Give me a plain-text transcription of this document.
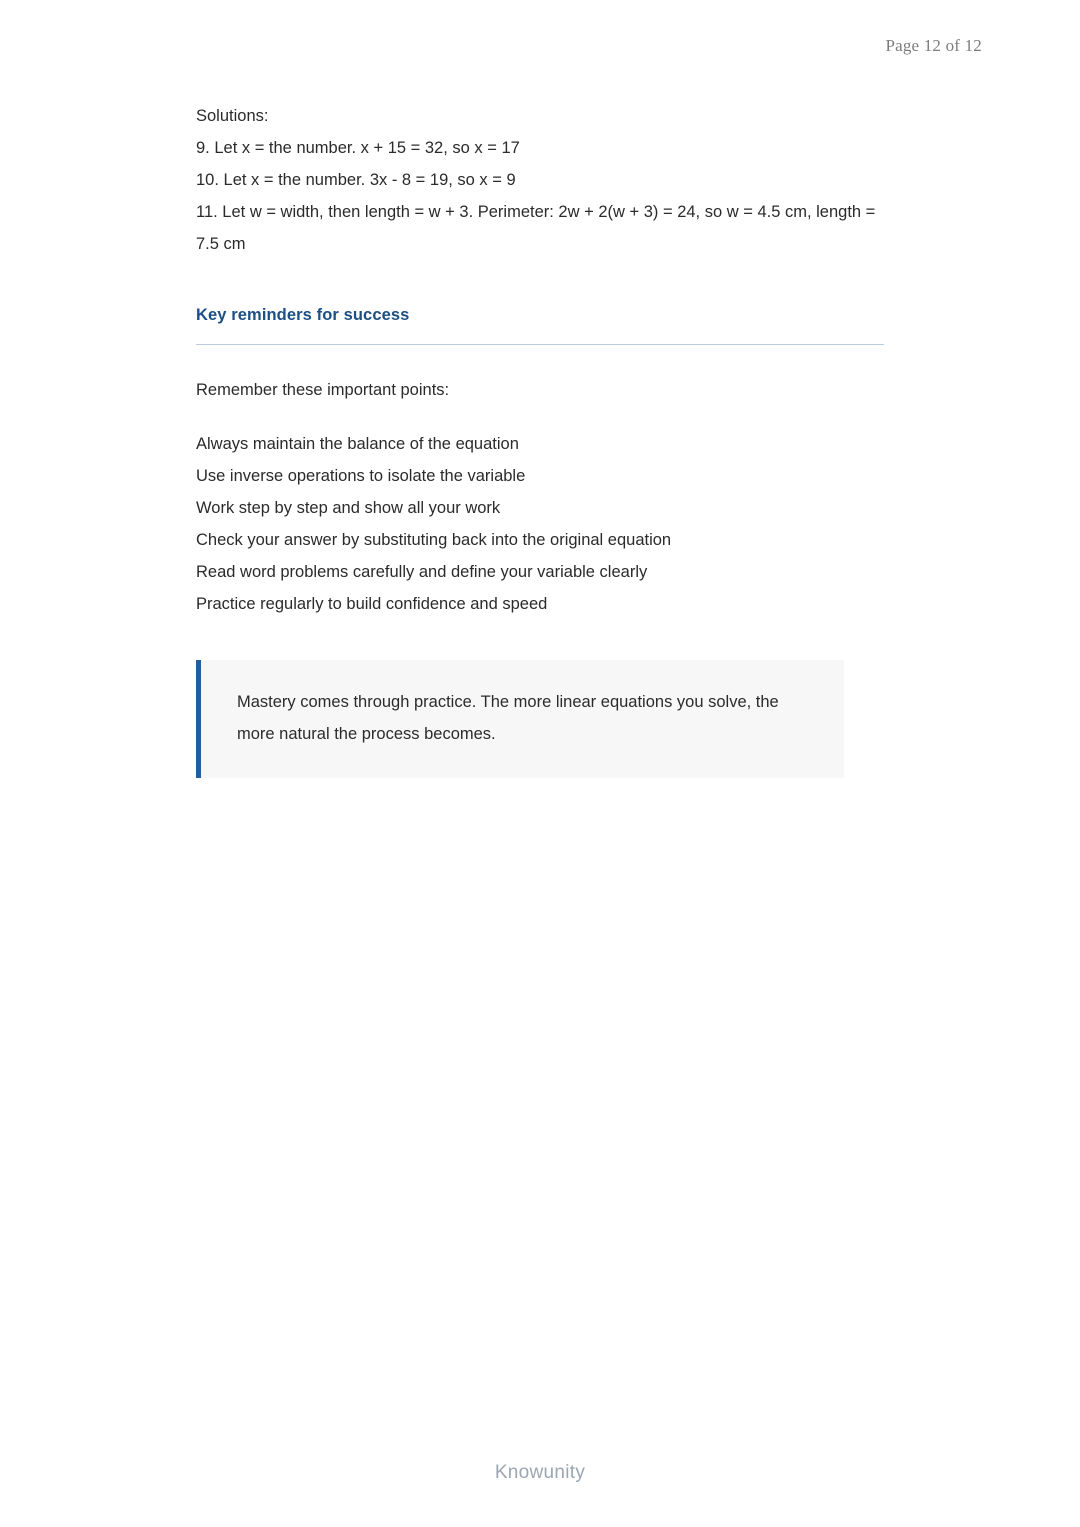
Page 12 of 12
Solutions:
9. Let x = the number. x + 15 = 32, so x = 17
10. Let x = the number. 3x - 8 = 19, so x = 9
11. Let w = width, then length = w + 3. Perimeter: 2w + 2(w + 3) = 24, so w = 4.5 cm, length = 7.5 cm
Key reminders for success
Remember these important points:
Always maintain the balance of the equation
Use inverse operations to isolate the variable
Work step by step and show all your work
Check your answer by substituting back into the original equation
Read word problems carefully and define your variable clearly
Practice regularly to build confidence and speed
Mastery comes through practice. The more linear equations you solve, the more natural the process becomes.
Knowunity
